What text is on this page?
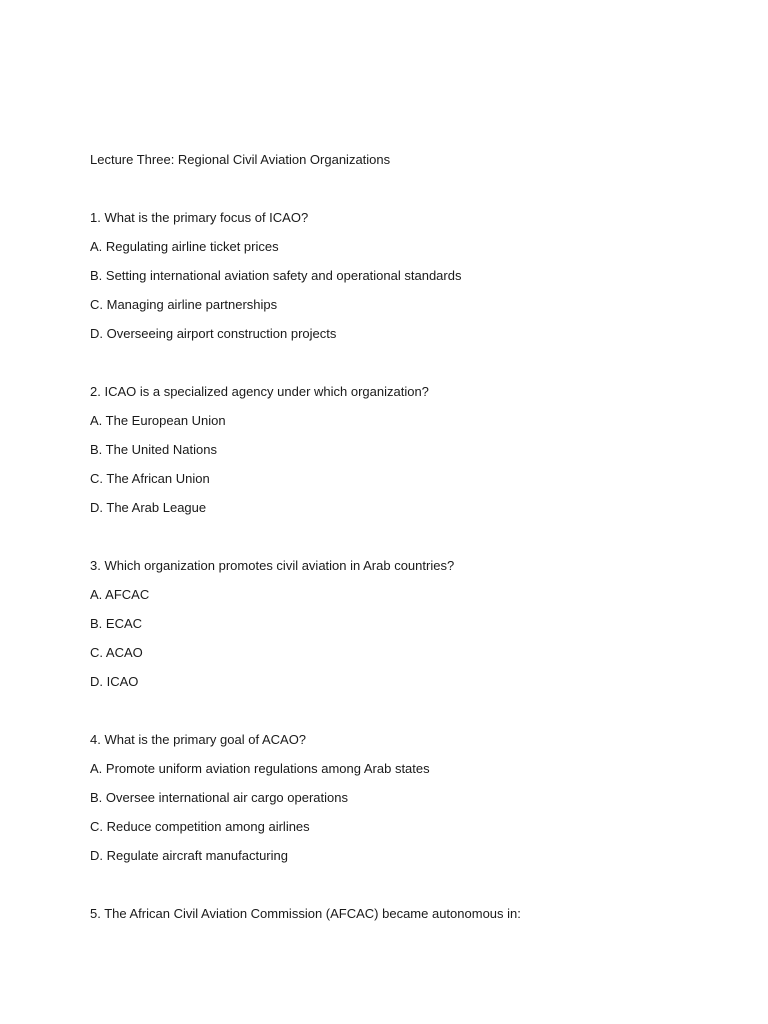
Lecture Three: Regional Civil Aviation Organizations
1. What is the primary focus of ICAO?
A. Regulating airline ticket prices
B. Setting international aviation safety and operational standards
C. Managing airline partnerships
D. Overseeing airport construction projects
2. ICAO is a specialized agency under which organization?
A. The European Union
B. The United Nations
C. The African Union
D. The Arab League
3. Which organization promotes civil aviation in Arab countries?
A. AFCAC
B. ECAC
C. ACAO
D. ICAO
4. What is the primary goal of ACAO?
A. Promote uniform aviation regulations among Arab states
B. Oversee international air cargo operations
C. Reduce competition among airlines
D. Regulate aircraft manufacturing
5. The African Civil Aviation Commission (AFCAC) became autonomous in:
